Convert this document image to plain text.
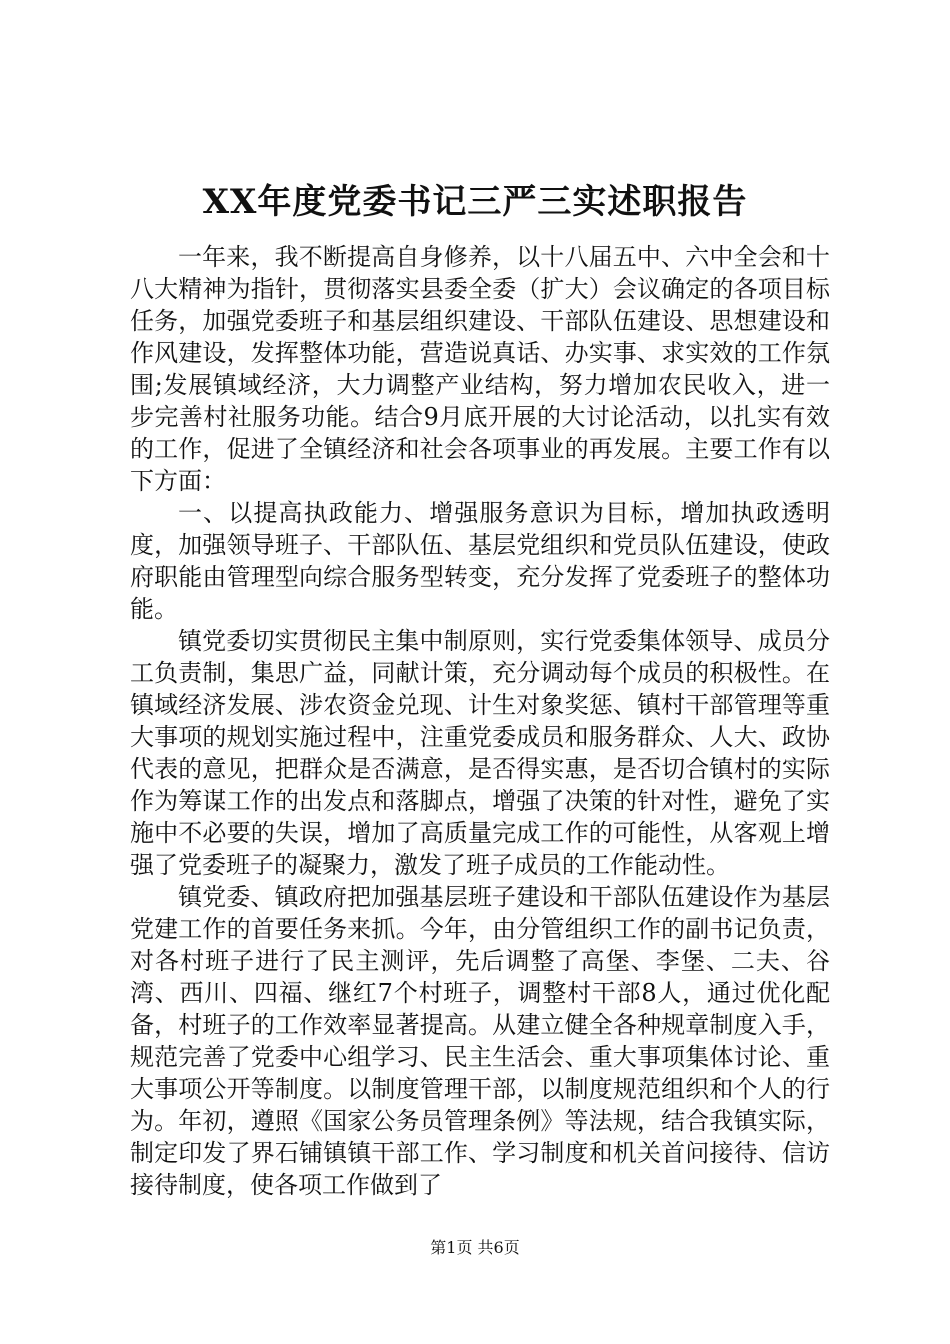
XX年度党委书记三严三实述职报告

一年来，我不断提高自身修养，以十八届五中、六中全会和十八大精神为指针，贯彻落实县委全委（扩大）会议确定的各项目标任务，加强党委班子和基层组织建设、干部队伍建设、思想建设和作风建设，发挥整体功能，营造说真话、办实事、求实效的工作氛围;发展镇域经济，大力调整产业结构，努力增加农民收入，进一步完善村社服务功能。结合9月底开展的大讨论活动，以扎实有效的工作，促进了全镇经济和社会各项事业的再发展。主要工作有以下方面：

一、以提高执政能力、增强服务意识为目标，增加执政透明度，加强领导班子、干部队伍、基层党组织和党员队伍建设，使政府职能由管理型向综合服务型转变，充分发挥了党委班子的整体功能。

镇党委切实贯彻民主集中制原则，实行党委集体领导、成员分工负责制，集思广益，同献计策，充分调动每个成员的积极性。在镇域经济发展、涉农资金兑现、计生对象奖惩、镇村干部管理等重大事项的规划实施过程中，注重党委成员和服务群众、人大、政协代表的意见，把群众是否满意，是否得实惠，是否切合镇村的实际作为筹谋工作的出发点和落脚点，增强了决策的针对性，避免了实施中不必要的失误，增加了高质量完成工作的可能性，从客观上增强了党委班子的凝聚力，激发了班子成员的工作能动性。

镇党委、镇政府把加强基层班子建设和干部队伍建设作为基层党建工作的首要任务来抓。今年，由分管组织工作的副书记负责，对各村班子进行了民主测评，先后调整了高堡、李堡、二夫、谷湾、西川、四福、继红7个村班子，调整村干部8人，通过优化配备，村班子的工作效率显著提高。从建立健全各种规章制度入手，规范完善了党委中心组学习、民主生活会、重大事项集体讨论、重大事项公开等制度。以制度管理干部，以制度规范组织和个人的行为。年初，遵照《国家公务员管理条例》等法规，结合我镇实际，制定印发了界石铺镇镇干部工作、学习制度和机关首问接待、信访接待制度，使各项工作做到了

第1页 共6页
